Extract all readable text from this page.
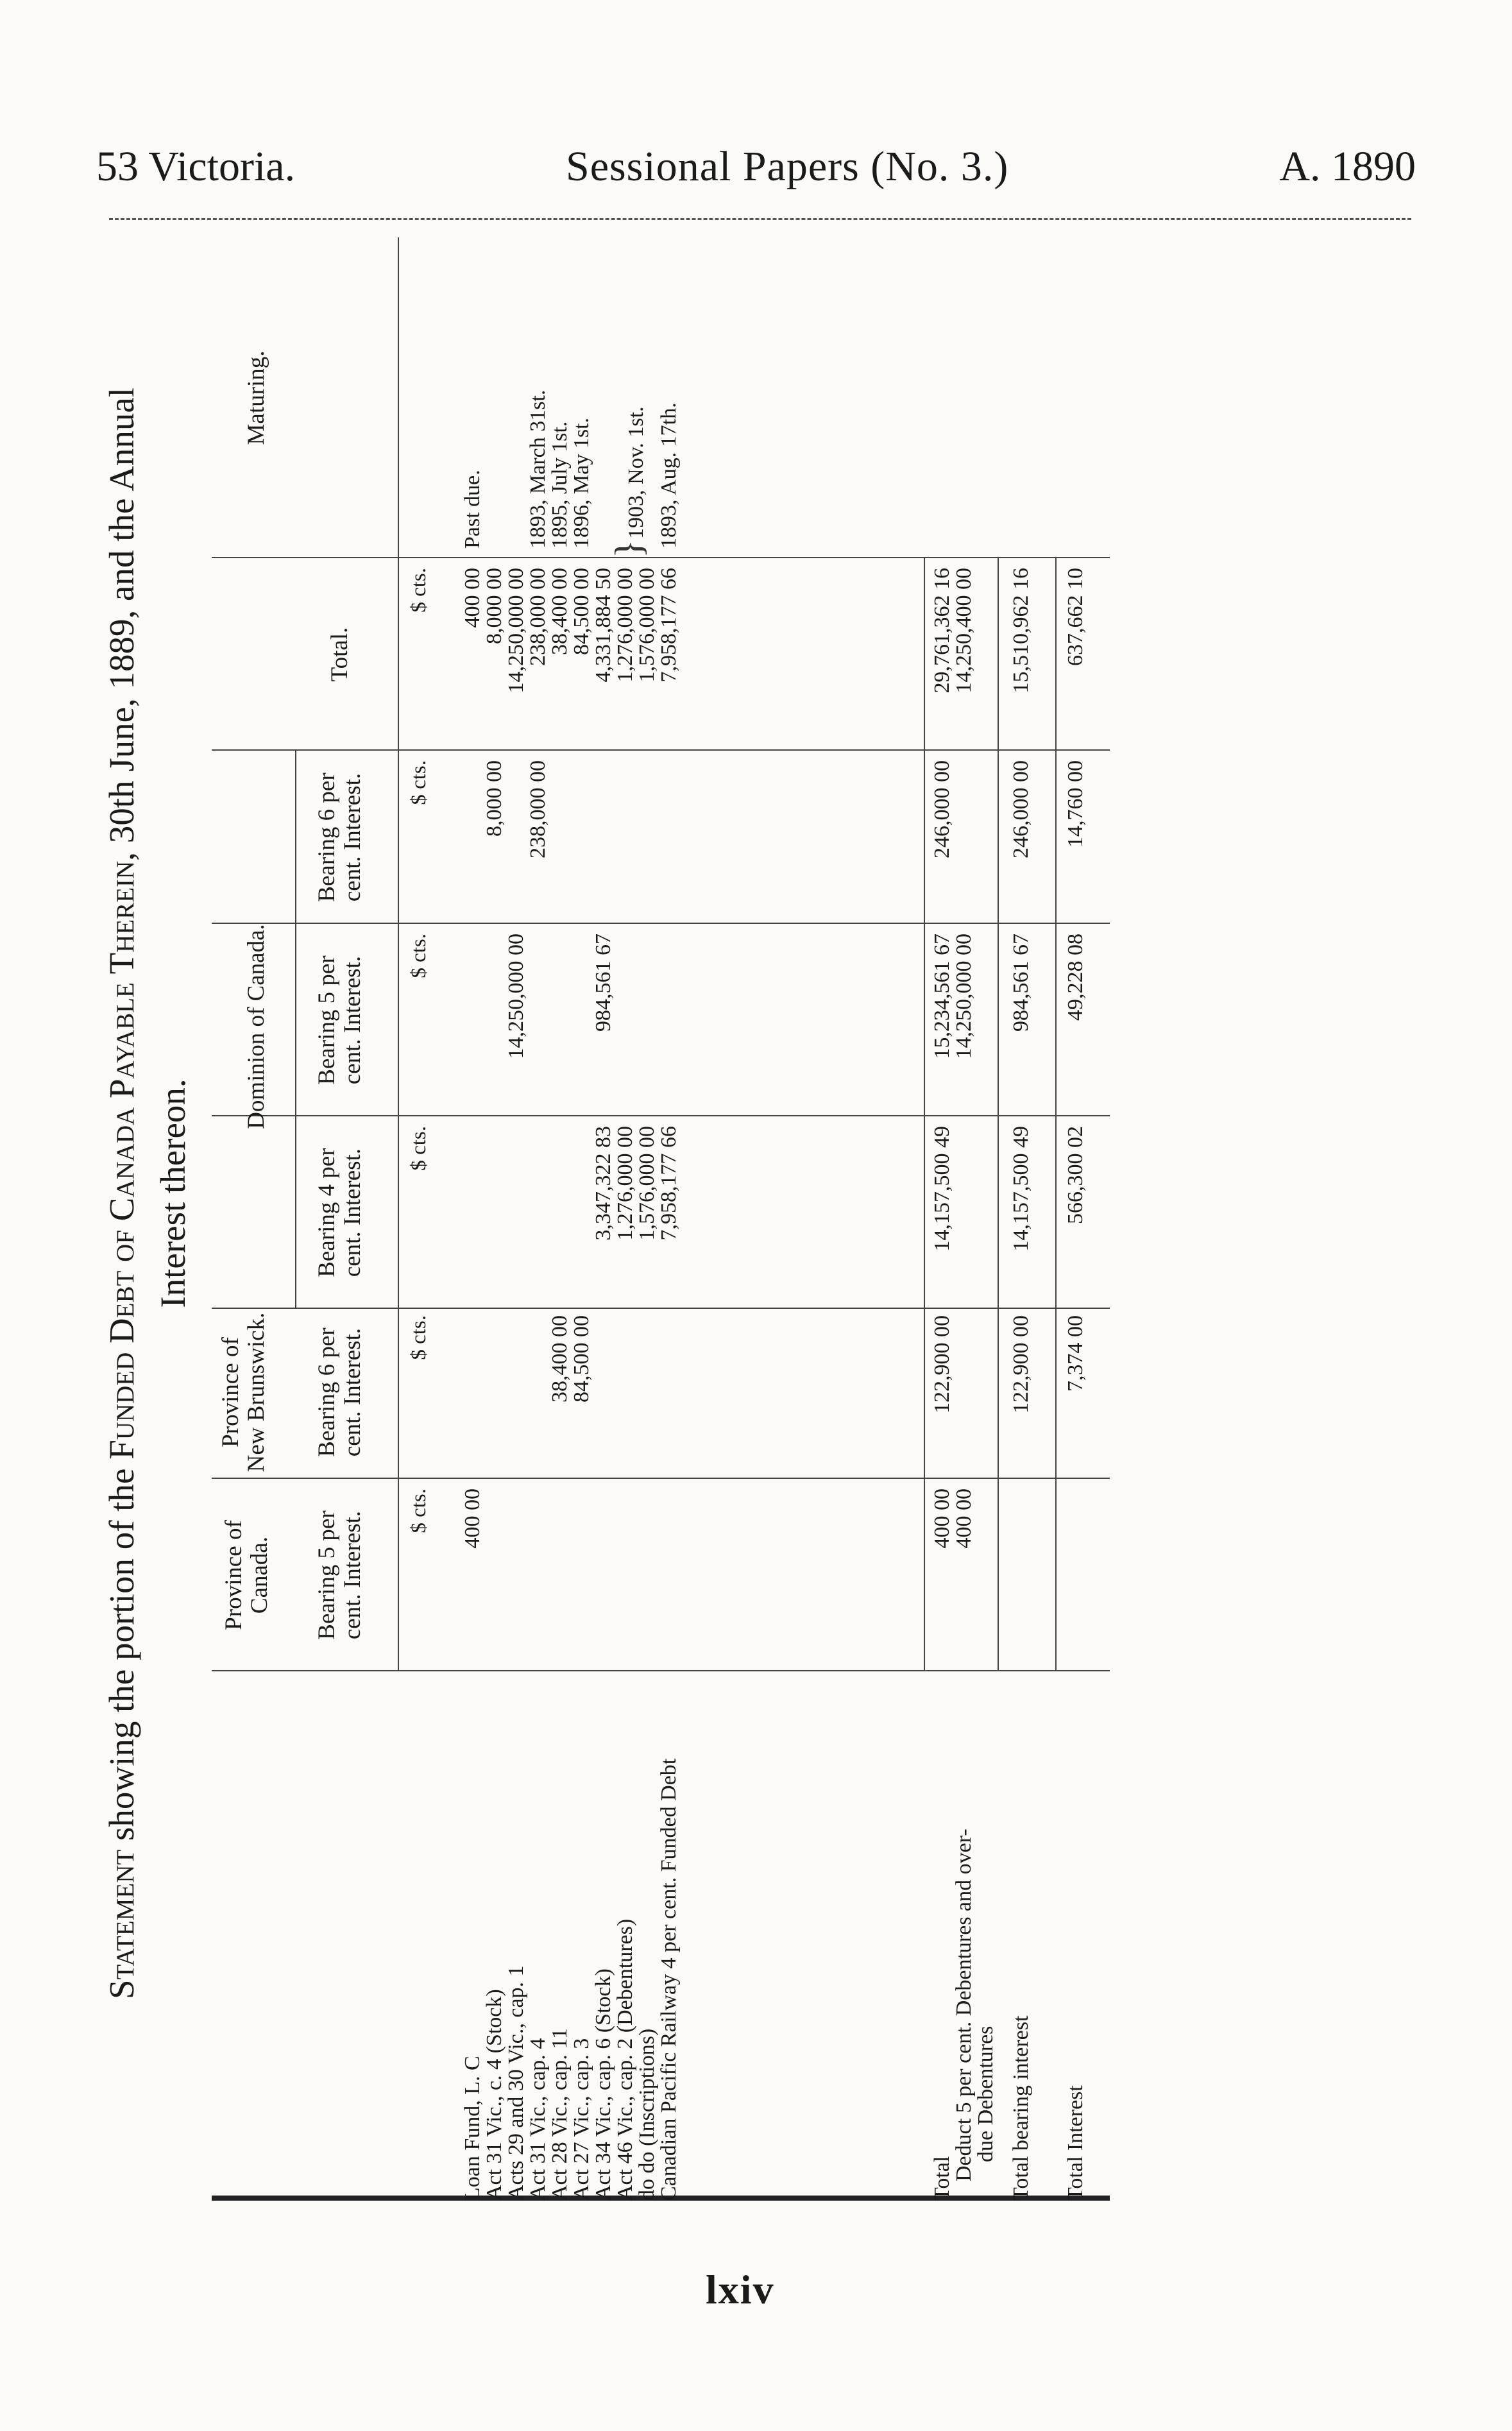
53 Victoria.	Sessional Papers (No. 3.)	A. 1890
Statement showing the portion of the Funded Debt of Canada Payable Therein, 30th June, 1889, and the Annual
Interest thereon.
Province of Canada.
Province of New Brunswick.
Dominion of Canada.
Total.
Maturing.
Bearing 5 per cent. Interest.
Bearing 6 per cent. Interest.
Bearing 4 per cent. Interest.
Bearing 5 per cent. Interest.
Bearing 6 per cent. Interest.
$ cts.
$ cts.
$ cts.
$ cts.
$ cts.
$ cts.
Loan Fund, L. C
Act 31 Vic., c. 4 (Stock)
Acts 29 and 30 Vic., cap. 1
Act 31 Vic., cap. 4
Act 28 Vic., cap. 11
Act 27 Vic., cap. 3
Act 34 Vic., cap. 6 (Stock)
Act 46 Vic., cap. 2 (Debentures)
do do (Inscriptions)
Canadian Pacific Railway 4 per cent. Funded Debt
400 00
400 00
Past due.
8,000 00
8,000 00
14,250,000 00
14,250,000 00
238,000 00
238,000 00
1893, March 31st.
38,400 00
38,400 00
1895, July 1st.
84,500 00
84,500 00
1896, May 1st.
3,347,322 83
984,561 67
4,331,884 50
1,276,000 00
1,276,000 00
}
1903, Nov. 1st.
1,576,000 00
1,576,000 00
7,958,177 66
7,958,177 66
1893, Aug. 17th.
Total
400 00
122,900 00
14,157,500 49
15,234,561 67
246,000 00
29,761,362 16
Deduct 5 per cent. Debentures and over-
due Debentures
400 00
14,250,000 00
14,250,400 00
Total bearing interest
122,900 00
14,157,500 49
984,561 67
246,000 00
15,510,962 16
Total Interest
7,374 00
566,300 02
49,228 08
14,760 00
637,662 10
lxiv
